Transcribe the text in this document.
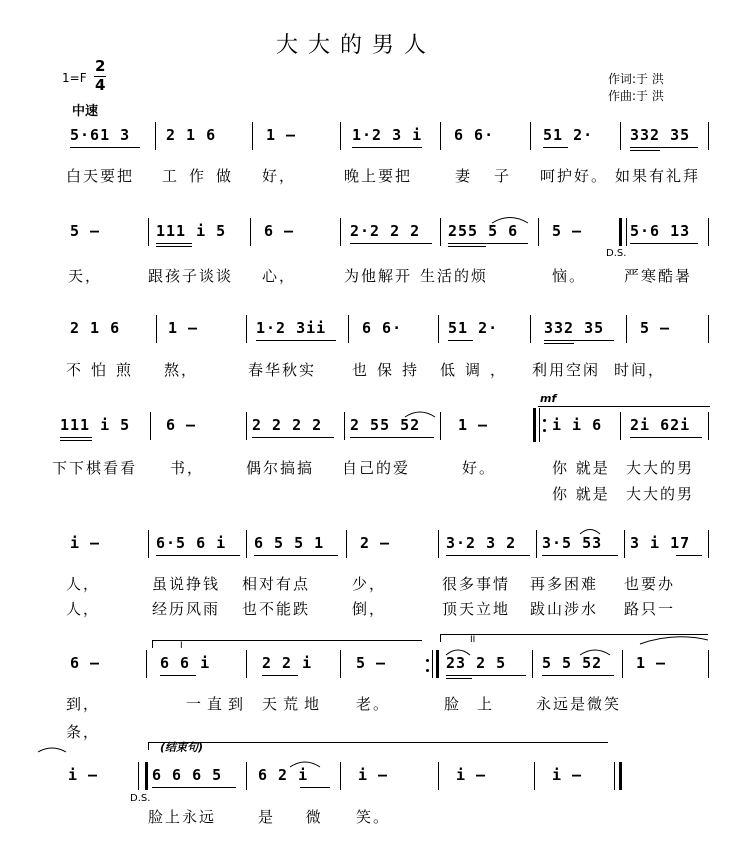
大大的男人
1=F
2
4
中速
作词:于 洪
作曲:于 洪
5·61 3 2 1 6	1 –	1·2 3 i 6 6·	51 2· 332 35
白天要把 工作做 好，	晚上要把	妻子 呵护好。 如果有礼拜
5 –	111 i 5	6 –	2·2 2 2 255 5 6 5 –	5·6 13
D.S.
天，	跟孩子谈谈 心，	为他解开 生活的烦	恼。	严寒酷暑
2 1 6	1 –	1·2 3ii 6 6·	51 2·	332 35 5 –
不怕煎 熬，	春华秋实 也保持 低调， 利用空闲 时间，
mf
111 i 5 6 –	2 2 2 2 2 55 52	1 –	i i 6 2i 62i
下下棋看看 书，	偶尔搞搞 自己的爱	好。	你 就是 大大的男
你 就是 大大的男
i –	6·5 6 i 6 5 5 1 2 –	3·2 3 2 3·5 53 3 i 17
人，	虽说挣钱 相对有点	少，	很多事情 再多困难 也要办
人，	经历风雨 也不能跌	倒，	顶天立地 跋山涉水 路只一
I
II
6 –	6 6 i	2 2 i	5 –	23 2 5 5 5 52 1 –
到，	一直到 天荒地 老。	脸上 永远是微笑
条，
(结束句)
i –	6 6 6 5 6 2 i	i –	i –	i –
D.S.
脸上永远	是 微 笑。
